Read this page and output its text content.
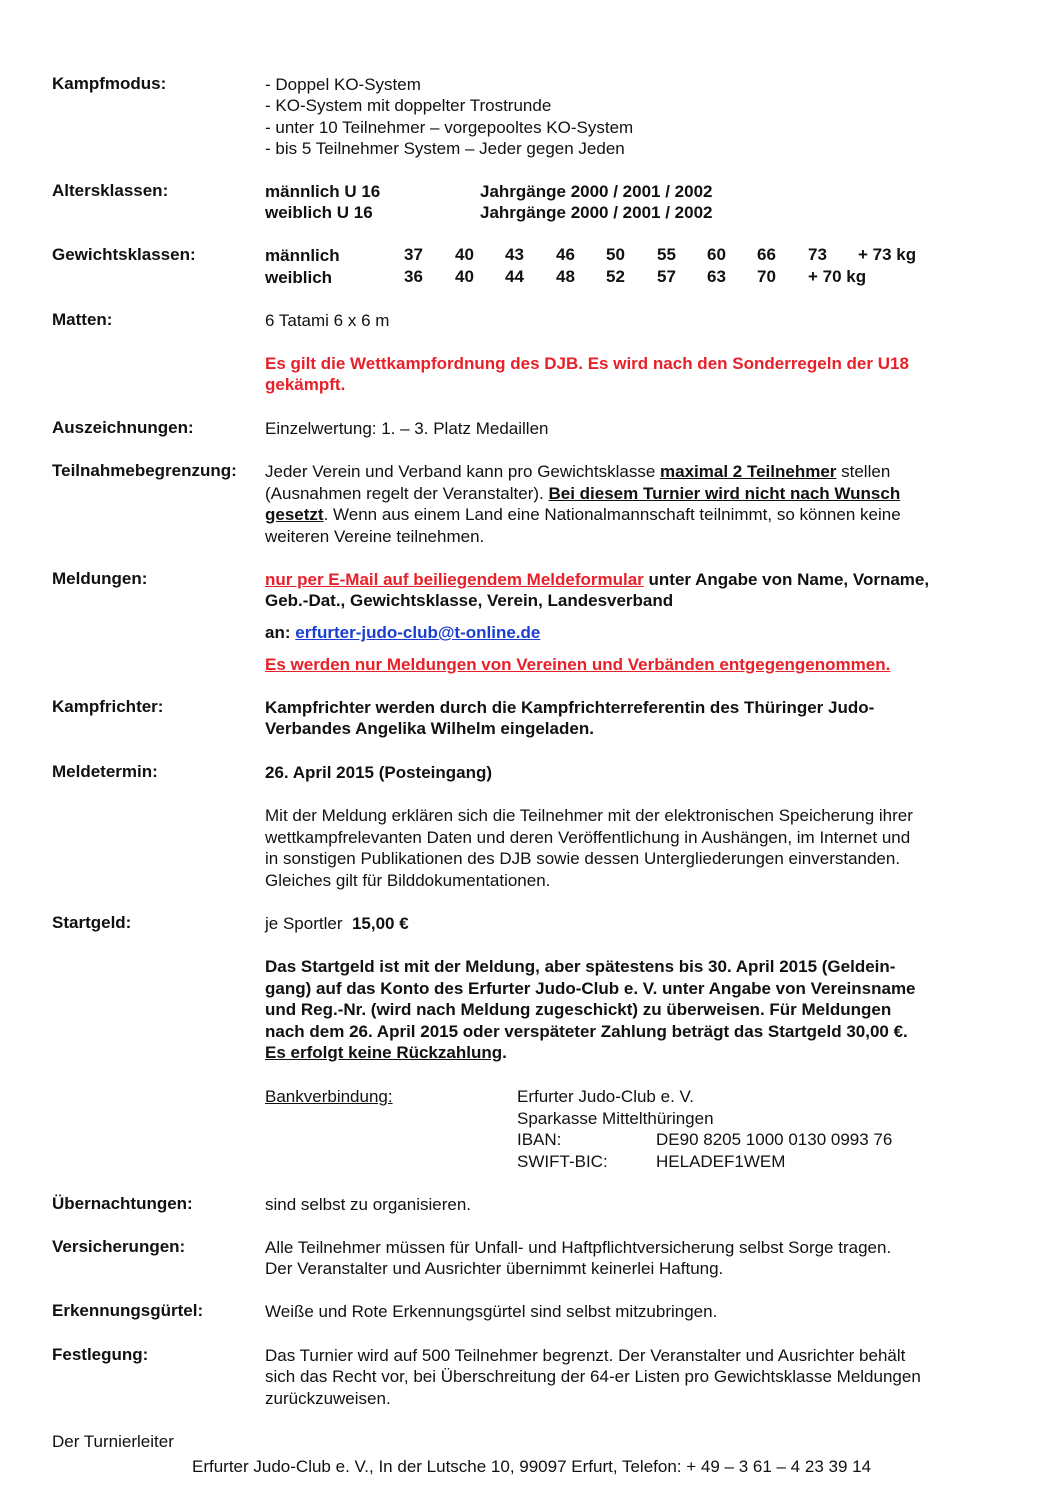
Kampfmodus:	- Doppel KO-System
- KO-System mit doppelter Trostrunde
- unter 10 Teilnehmer – vorgepooltes KO-System
- bis 5 Teilnehmer System – Jeder gegen Jeden
Altersklassen:	männlich U 16	Jahrgänge 2000 / 2001 / 2002
weiblich U 16	Jahrgänge 2000 / 2001 / 2002
Gewichtsklassen:	männlich	37 40 43 46 50 55 60 66 73 + 73 kg
weiblich	36 40 44 48 52 57 63 70 + 70 kg
Matten:	6 Tatami 6 x 6 m
Es gilt die Wettkampfordnung des DJB. Es wird nach den Sonderregeln der U18
gekämpft.
Auszeichnungen:	Einzelwertung: 1. – 3. Platz Medaillen
Teilnahmebegrenzung: Jeder Verein und Verband kann pro Gewichtsklasse maximal 2 Teilnehmer stellen
(Ausnahmen regelt der Veranstalter). Bei diesem Turnier wird nicht nach Wunsch
gesetzt. Wenn aus einem Land eine Nationalmannschaft teilnimmt, so können keine
weiteren Vereine teilnehmen.
Meldungen:	nur per E-Mail auf beiliegendem Meldeformular unter Angabe von Name, Vorname,
Geb.-Dat., Gewichtsklasse, Verein, Landesverband
an: erfurter-judo-club@t-online.de
Es werden nur Meldungen von Vereinen und Verbänden entgegengenommen.
Kampfrichter:	Kampfrichter werden durch die Kampfrichterreferentin des Thüringer Judo-
Verbandes Angelika Wilhelm eingeladen.
Meldetermin:	26. April 2015 (Posteingang)
Mit der Meldung erklären sich die Teilnehmer mit der elektronischen Speicherung ihrer
wettkampfrelevanten Daten und deren Veröffentlichung in Aushängen, im Internet und
in sonstigen Publikationen des DJB sowie dessen Untergliederungen einverstanden.
Gleiches gilt für Bilddokumentationen.
Startgeld:	je Sportler  15,00 €
Das Startgeld ist mit der Meldung, aber spätestens bis 30. April 2015 (Geldein-
gang) auf das Konto des Erfurter Judo-Club e. V. unter Angabe von Vereinsname
und Reg.-Nr. (wird nach Meldung zugeschickt) zu überweisen. Für Meldungen
nach dem 26. April 2015 oder verspäteter Zahlung beträgt das Startgeld 30,00 €.
Es erfolgt keine Rückzahlung.
Bankverbindung:	Erfurter Judo-Club e. V.
Sparkasse Mittelthüringen
IBAN:	DE90 8205 1000 0130 0993 76
SWIFT-BIC:	HELADEF1WEM
Übernachtungen:	sind selbst zu organisieren.
Versicherungen:	Alle Teilnehmer müssen für Unfall- und Haftpflichtversicherung selbst Sorge tragen.
Der Veranstalter und Ausrichter übernimmt keinerlei Haftung.
Erkennungsgürtel:	Weiße und Rote Erkennungsgürtel sind selbst mitzubringen.
Festlegung:	Das Turnier wird auf 500 Teilnehmer begrenzt. Der Veranstalter und Ausrichter behält
sich das Recht vor, bei Überschreitung der 64-er Listen pro Gewichtsklasse Meldungen
zurückzuweisen.
Der Turnierleiter
Erfurter Judo-Club e. V., In der Lutsche 10, 99097 Erfurt, Telefon: + 49 – 3 61 – 4 23 39 14
